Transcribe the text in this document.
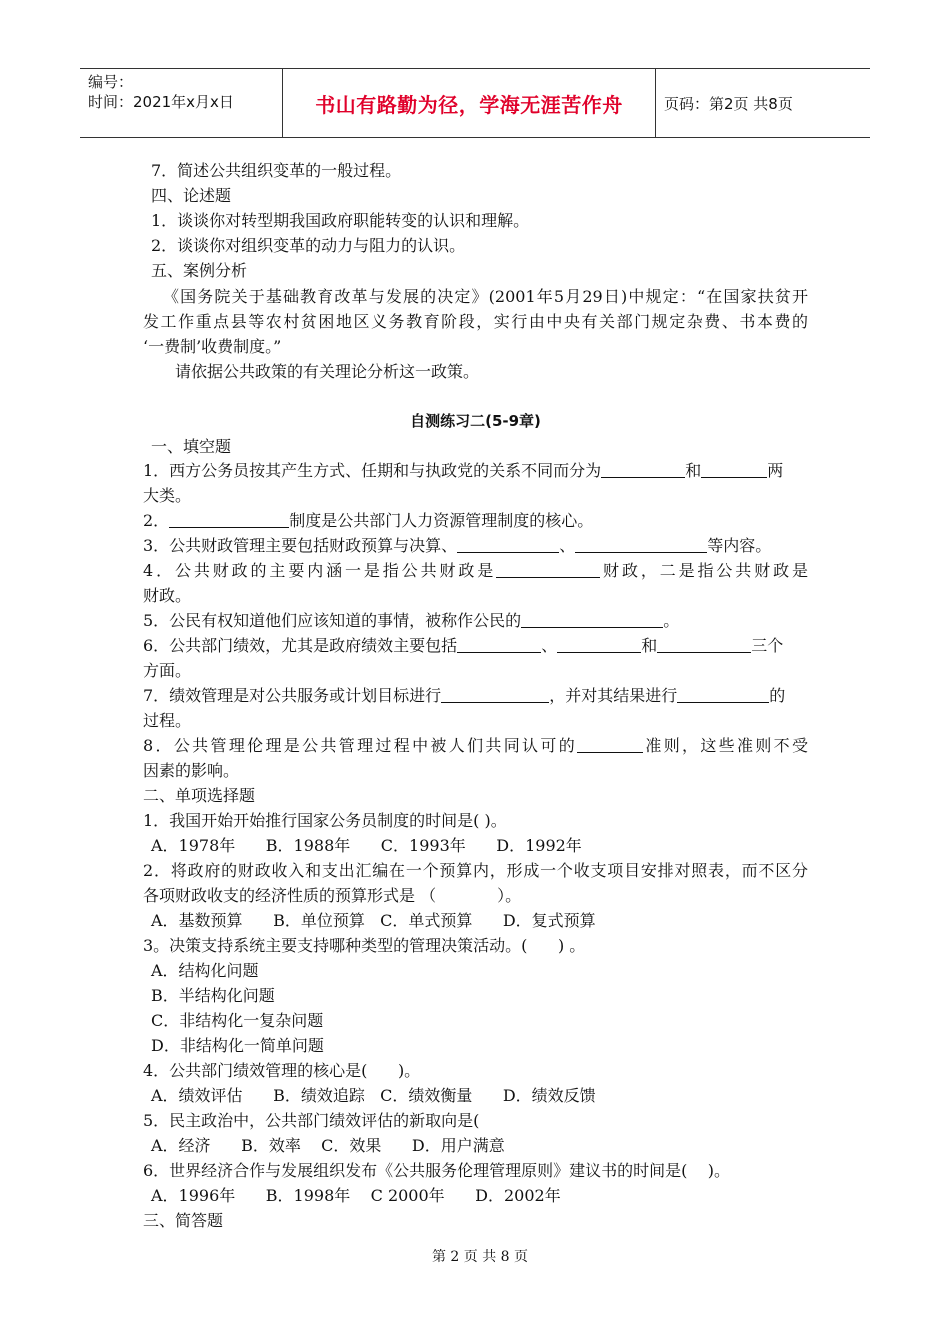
编号：
时间：2021年x月x日	书山有路勤为径，学海无涯苦作舟	页码：第2页 共8页
7．简述公共组织变革的一般过程。
四、论述题
1．谈谈你对转型期我国政府职能转变的认识和理解。
2．谈谈你对组织变革的动力与阻力的认识。
五、案例分析
《国务院关于基础教育改革与发展的决定》(2001年5月29日)中规定：“在国家扶贫开
发工作重点县等农村贫困地区义务教育阶段，实行由中央有关部门规定杂费、书本费的
‘一费制’收费制度。”
请依据公共政策的有关理论分析这一政策。
自测练习二(5-9章)
一、填空题
1．西方公务员按其产生方式、任期和与执政党的关系不同而分为	和	两
大类。
2．	制度是公共部门人力资源管理制度的核心。
3．公共财政管理主要包括财政预算与决算、	、	等内容。
4．公共财政的主要内涵一是指公共财政是	财政，二是指公共财政是
财政。
5．公民有权知道他们应该知道的事情，被称作公民的	。
6．公共部门绩效，尤其是政府绩效主要包括	、	和	三个
方面。
7．绩效管理是对公共服务或计划目标进行	，并对其结果进行	的
过程。
8．公共管理伦理是公共管理过程中被人们共同认可的	准则，这些准则不受
因素的影响。
二、单项选择题
1．我国开始开始推行国家公务员制度的时间是( )。
A．1978年      B．1988年      C．1993年      D．1992年
2．将政府的财政收入和支出汇编在一个预算内，形成一个收支项目安排对照表，而不区分
各项财政收支的经济性质的预算形式是 （            ）。
A．基数预算      B．单位预算   C．单式预算      D．复式预算
3。决策支持系统主要支持哪种类型的管理决策活动。(      ) 。
A．结构化问题
B．半结构化问题
C．非结构化一复杂问题
D．非结构化一简单问题
4．公共部门绩效管理的核心是(      )。
A．绩效评估      B．绩效追踪   C．绩效衡量      D．绩效反馈
5．民主政治中，公共部门绩效评估的新取向是(
A．经济      B．效率    C．效果      D．用户满意
6．世界经济合作与发展组织发布《公共服务伦理管理原则》建议书的时间是(    )。
A．1996年      B．1998年    C 2000年      D．2002年
三、简答题
第 2 页 共 8 页
